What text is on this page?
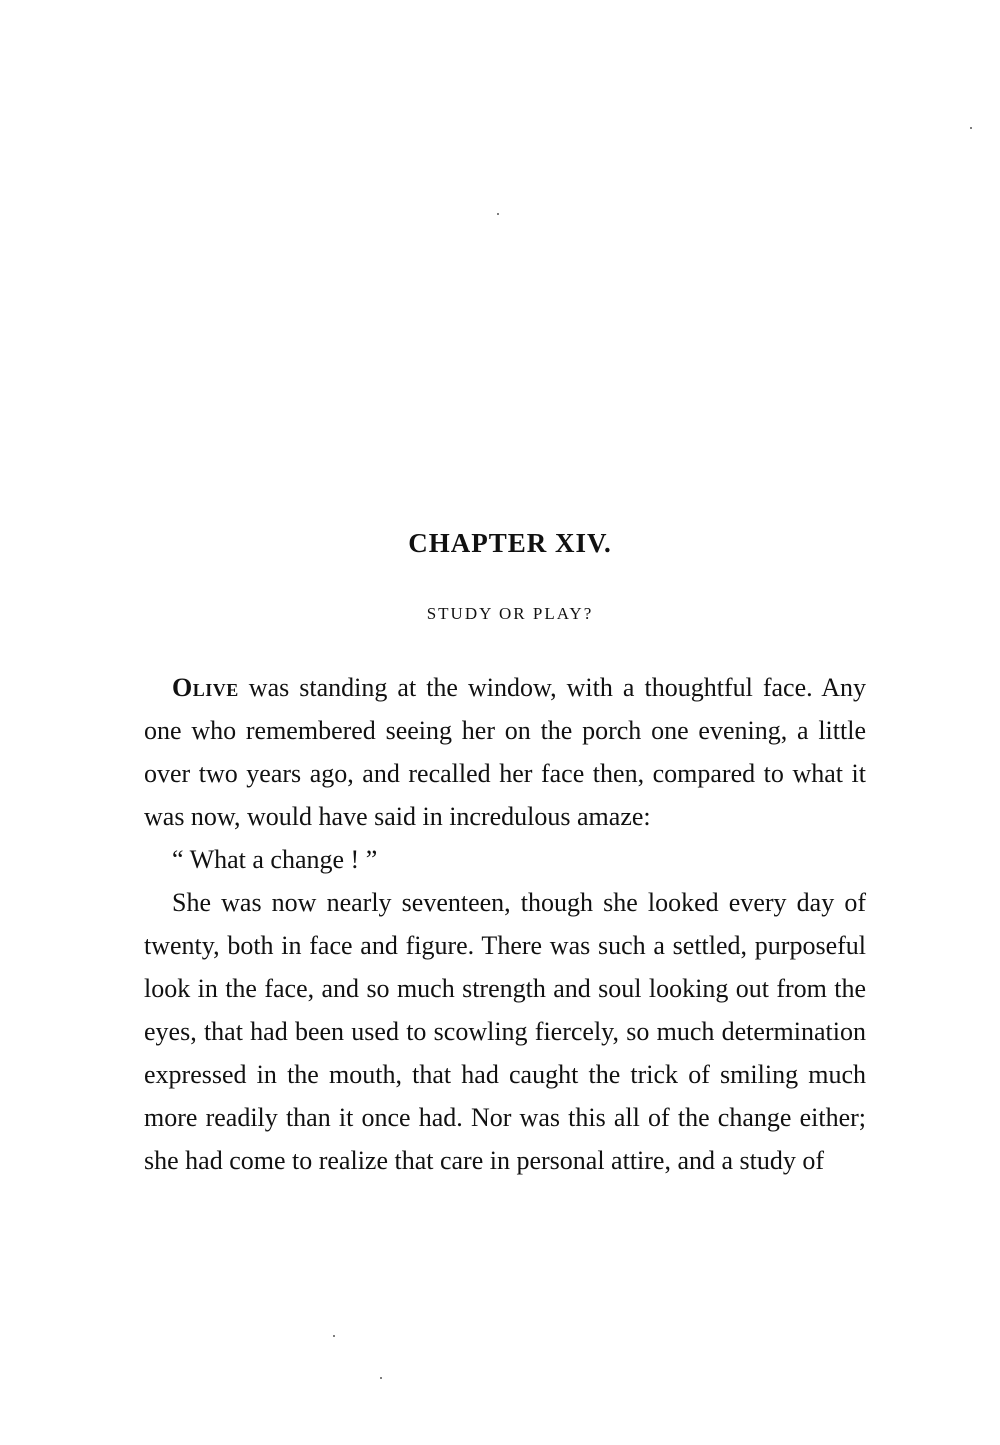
CHAPTER XIV.
STUDY OR PLAY?

Olive was standing at the window, with a thoughtful face. Any one who remembered seeing her on the porch one evening, a little over two years ago, and recalled her face then, compared to what it was now, would have said in incredulous amaze:

“ What a change ! ”

She was now nearly seventeen, though she looked every day of twenty, both in face and figure. There was such a settled, purposeful look in the face, and so much strength and soul looking out from the eyes, that had been used to scowling fiercely, so much determination expressed in the mouth, that had caught the trick of smiling much more readily than it once had. Nor was this all of the change either; she had come to realize that care in personal attire, and a study of
